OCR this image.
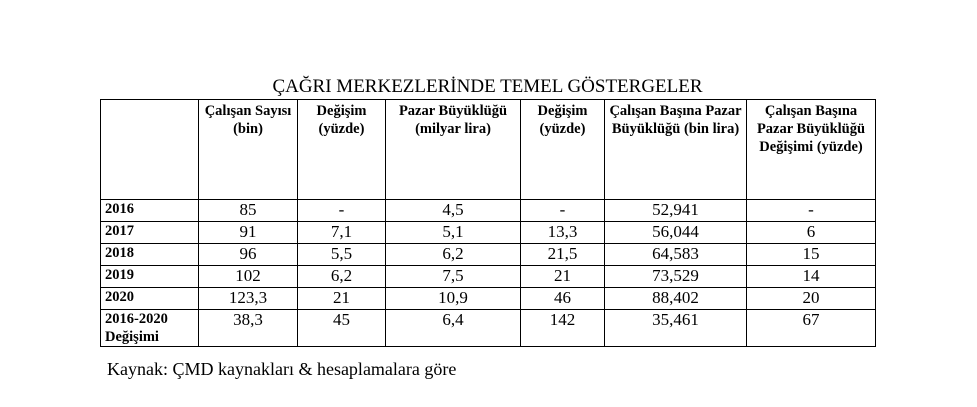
ÇAĞRI MERKEZLERİNDE TEMEL GÖSTERGELER
	Çalışan Sayısı (bin)	Değişim (yüzde)	Pazar Büyüklüğü (milyar lira)	Değişim (yüzde)	Çalışan Başına Pazar Büyüklüğü (bin lira)	Çalışan Başına Pazar Büyüklüğü Değişimi (yüzde)
2016	85	-	4,5	-	52,941	-
2017	91	7,1	5,1	13,3	56,044	6
2018	96	5,5	6,2	21,5	64,583	15
2019	102	6,2	7,5	21	73,529	14
2020	123,3	21	10,9	46	88,402	20
2016-2020 Değişimi	38,3	45	6,4	142	35,461	67
Kaynak: ÇMD kaynakları & hesaplamalara göre
